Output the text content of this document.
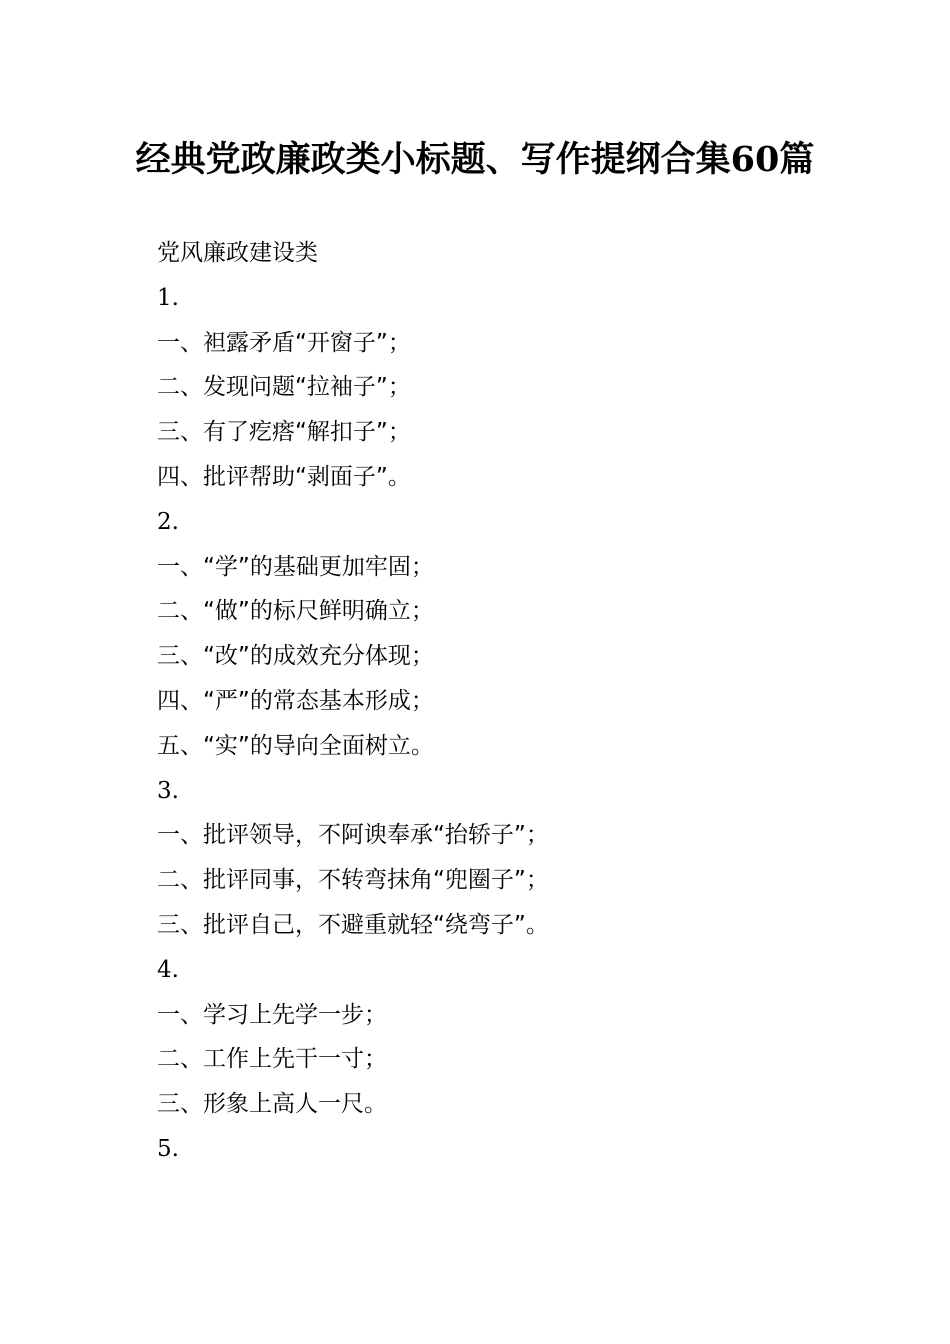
经典党政廉政类小标题、写作提纲合集60篇
党风廉政建设类
1.
一、袒露矛盾“开窗子”；
二、发现问题“拉袖子”；
三、有了疙瘩“解扣子”；
四、批评帮助“剥面子”。
2.
一、“学”的基础更加牢固；
二、“做”的标尺鲜明确立；
三、“改”的成效充分体现；
四、“严”的常态基本形成；
五、“实”的导向全面树立。
3.
一、批评领导，不阿谀奉承“抬轿子”；
二、批评同事，不转弯抹角“兜圈子”；
三、批评自己，不避重就轻“绕弯子”。
4.
一、学习上先学一步；
二、工作上先干一寸；
三、形象上高人一尺。
5.
